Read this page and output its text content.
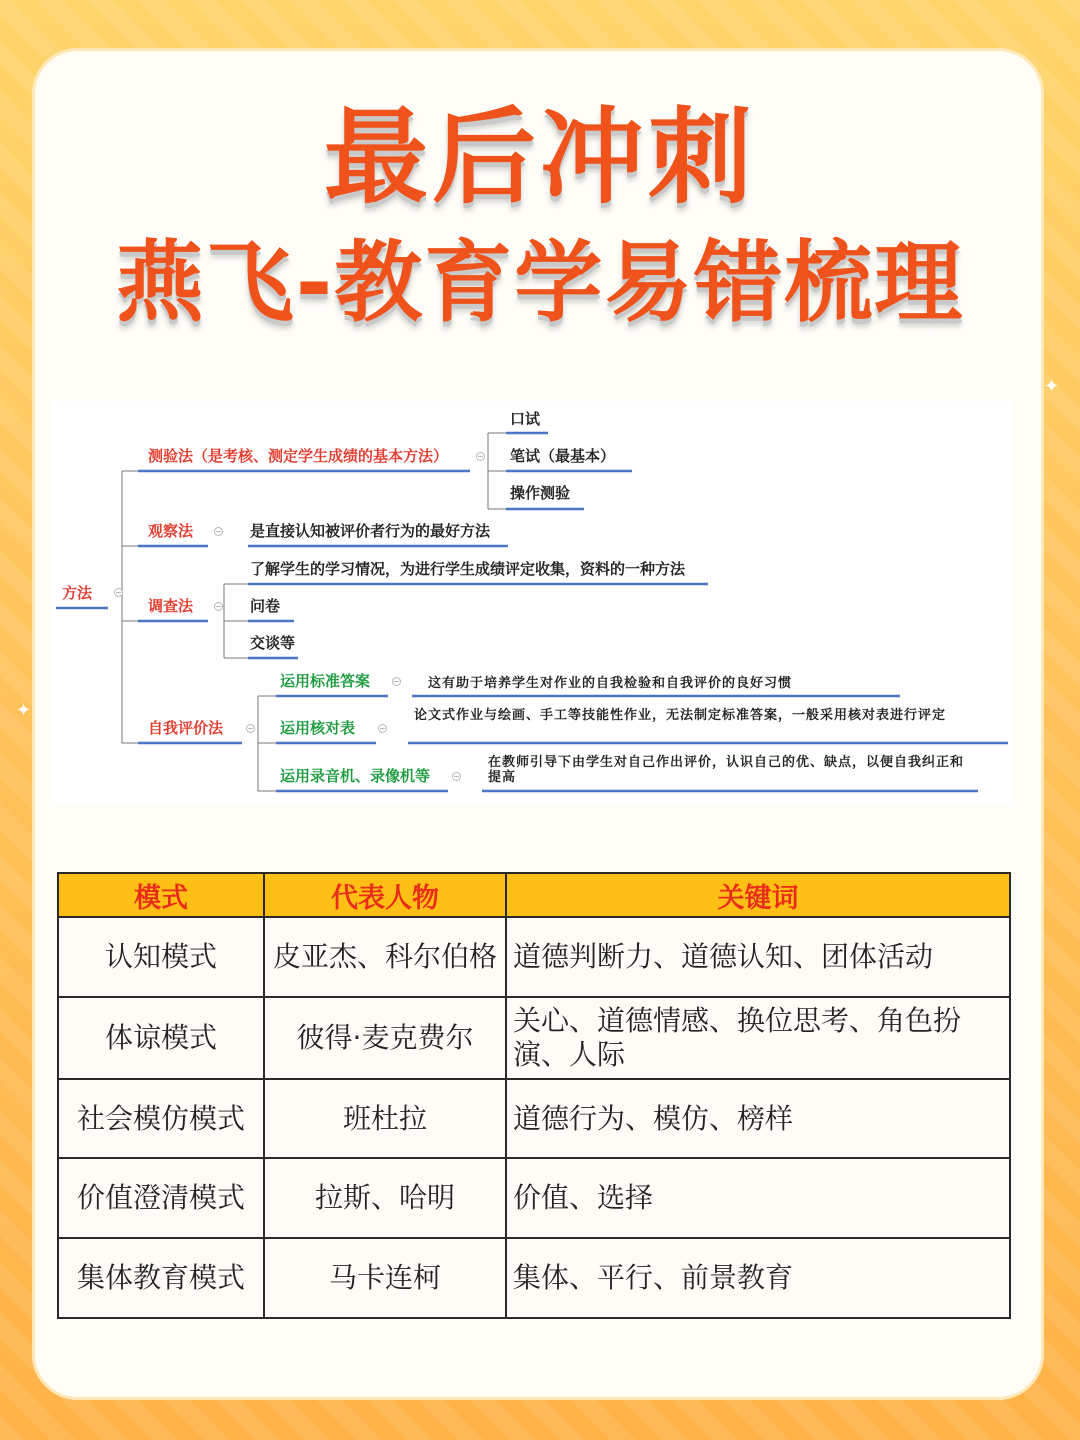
✦
✦
最后冲刺
燕飞-教育学易错梳理
方法
测验法（是考核、测定学生成绩的基本方法）
口试
笔试（最基本）
操作测验
观察法	是直接认知被评价者行为的最好方法
了解学生的学习情况，为进行学生成绩评定收集，资料的一种方法
调查法	问卷
交谈等
自我评价法
运用标准答案	这有助于培养学生对作业的自我检验和自我评价的良好习惯
运用核对表
论文式作业与绘画、手工等技能性作业，无法制定标准答案，一般采用核对表进行评定
运用录音机、录像机等
在教师引导下由学生对自己作出评价，认识自己的优、缺点，以便自我纠正和提高
模式	代表人物	关键词
认知模式	皮亚杰、科尔伯格	道德判断力、道德认知、团体活动
体谅模式	彼得·麦克费尔	关心、道德情感、换位思考、角色扮演、人际
社会模仿模式	班杜拉	道德行为、模仿、榜样
价值澄清模式	拉斯、哈明	价值、选择
集体教育模式	马卡连柯	集体、平行、前景教育
